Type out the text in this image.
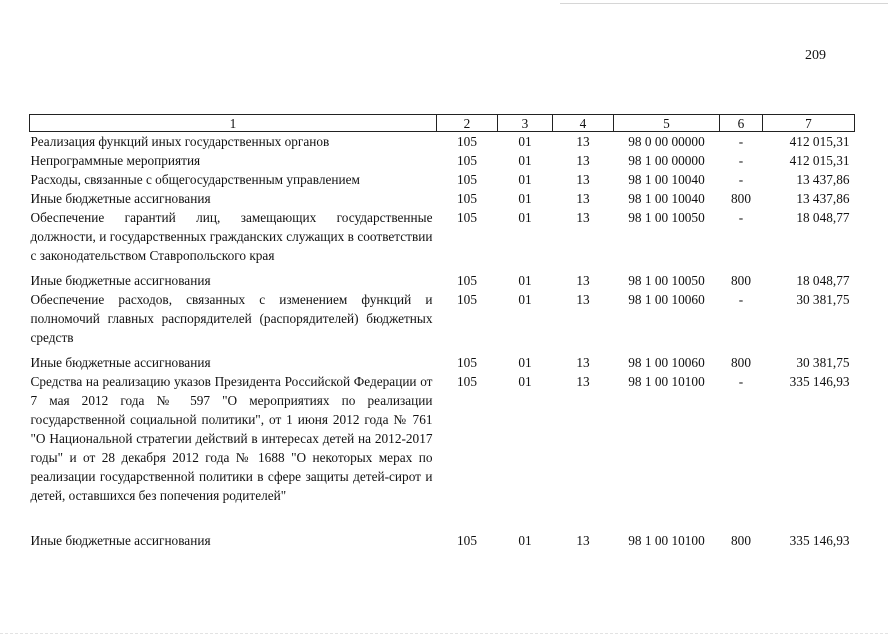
209
1	2	3	4	5	6	7
Реализация функций иных государственных органов	105	01	13	98 0 00 00000	-	412 015,31
Непрограммные мероприятия	105	01	13	98 1 00 00000	-	412 015,31
Расходы, связанные с общегосударственным управлением	105	01	13	98 1 00 10040	-	13 437,86
Иные бюджетные ассигнования	105	01	13	98 1 00 10040	800	13 437,86
Обеспечение гарантий лиц, замещающих государственные должности, и государственных гражданских служащих в соответствии с законодательством Ставропольского края	105	01	13	98 1 00 10050	-	18 048,77
Иные бюджетные ассигнования	105	01	13	98 1 00 10050	800	18 048,77
Обеспечение расходов, связанных с изменением функций и полномочий главных распорядителей (распорядителей) бюджетных средств	105	01	13	98 1 00 10060	-	30 381,75
Иные бюджетные ассигнования	105	01	13	98 1 00 10060	800	30 381,75
Средства на реализацию указов Президента Российской Федерации от 7 мая 2012 года № 597 "О мероприятиях по реализации государственной социальной политики", от 1 июня 2012 года № 761 "О Национальной стратегии действий в интересах детей на 2012-2017 годы" и от 28 декабря 2012 года № 1688 "О некоторых мерах по реализации государственной политики в сфере защиты детей-сирот и детей, оставшихся без попечения родителей"	105	01	13	98 1 00 10100	-	335 146,93
Иные бюджетные ассигнования	105	01	13	98 1 00 10100	800	335 146,93
